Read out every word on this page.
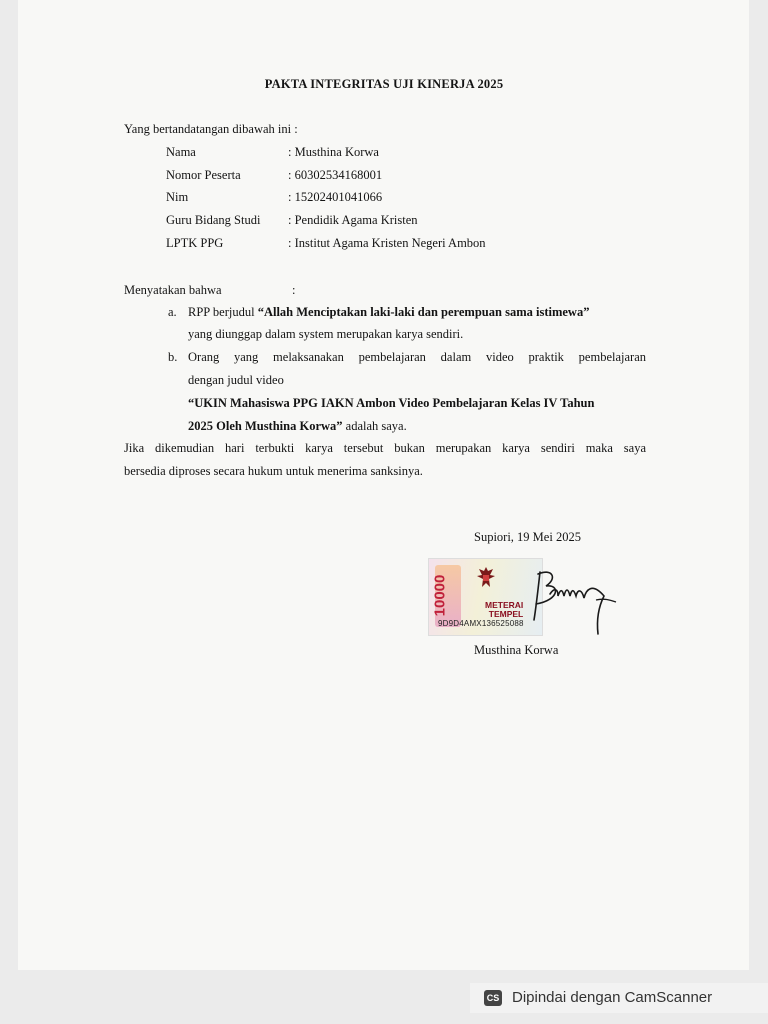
PAKTA INTEGRITAS UJI KINERJA 2025
Yang bertandatangan dibawah ini :
Nama	: Musthina Korwa
Nomor Peserta	: 60302534168001
Nim	: 15202401041066
Guru Bidang Studi : Pendidik Agama Kristen
LPTK PPG	: Institut Agama Kristen Negeri Ambon
Menyatakan bahwa	:
a. RPP berjudul “Allah Menciptakan laki-laki dan perempuan sama istimewa”
yang diunggap dalam system merupakan karya sendiri.
b. Orang yang melaksanakan pembelajaran dalam video praktik pembelajaran
dengan judul video
“UKIN Mahasiswa PPG IAKN Ambon Video Pembelajaran Kelas IV Tahun
2025 Oleh Musthina Korwa” adalah saya.
Jika dikemudian hari terbukti karya tersebut bukan merupakan karya sendiri maka saya
bersedia diproses secara hukum untuk menerima sanksinya.
Supiori, 19 Mei 2025
10000	METERAI
TEMPEL
9D9D4AMX136525088
Musthina Korwa
CS Dipindai dengan CamScanner
